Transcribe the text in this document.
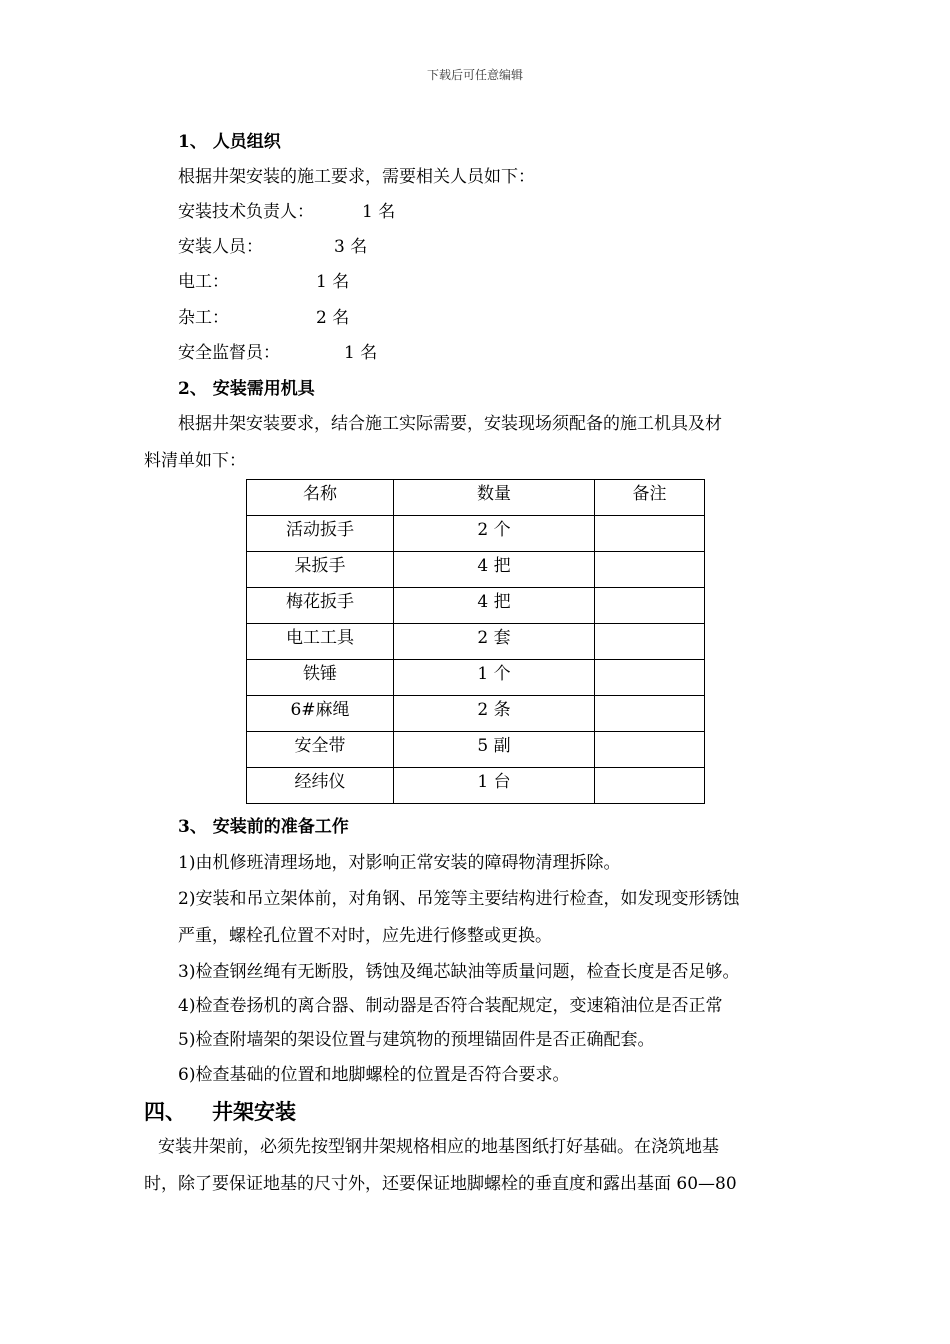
下载后可任意编辑
1、 人员组织
根据井架安装的施工要求，需要相关人员如下：
安装技术负责人：	1 名
安装人员：	3 名
电工：	1 名
杂工：	2 名
安全监督员：	1 名
2、 安装需用机具
根据井架安装要求，结合施工实际需要，安装现场须配备的施工机具及材
料清单如下：
名称	数量	备注
活动扳手	2 个	
呆扳手	4 把	
梅花扳手	4 把	
电工工具	2 套	
铁锤	1 个	
6#麻绳	2 条	
安全带	5 副	
经纬仪	1 台	
3、 安装前的准备工作
1)由机修班清理场地，对影响正常安装的障碍物清理拆除。
2)安装和吊立架体前，对角钢、吊笼等主要结构进行检查，如发现变形锈蚀
严重，螺栓孔位置不对时，应先进行修整或更换。
3)检查钢丝绳有无断股，锈蚀及绳芯缺油等质量问题，检查长度是否足够。
4)检查卷扬机的离合器、制动器是否符合装配规定，变速箱油位是否正常
5)检查附墙架的架设位置与建筑物的预埋锚固件是否正确配套。
6)检查基础的位置和地脚螺栓的位置是否符合要求。
四、 井架安装
安装井架前，必须先按型钢井架规格相应的地基图纸打好基础。在浇筑地基
时，除了要保证地基的尺寸外，还要保证地脚螺栓的垂直度和露出基面 60—80
